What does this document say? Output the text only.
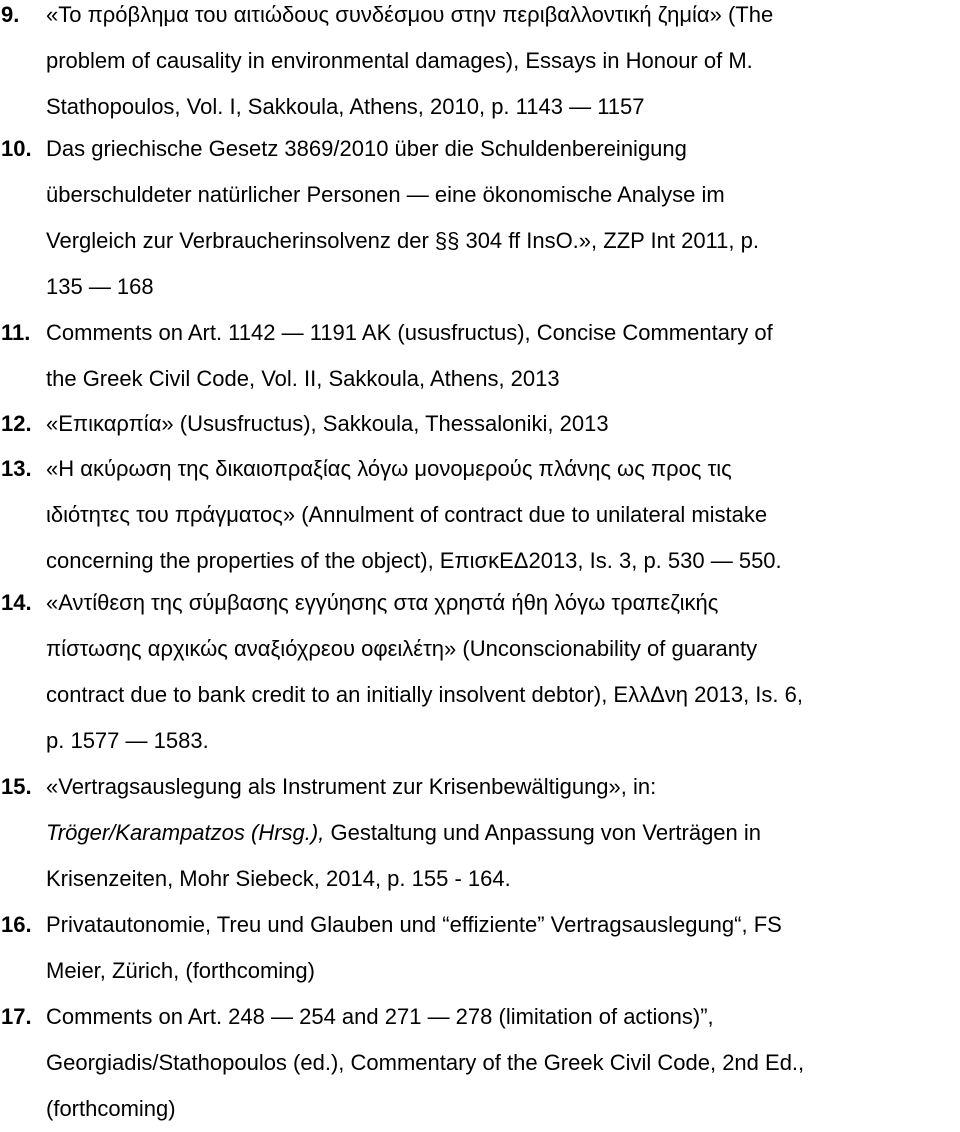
9. «Το πρόβλημα του αιτιώδους συνδέσμου στην περιβαλλοντική ζημία» (The
problem of causality in environmental damages), Essays in Honour of M.
Stathopoulos, Vol. I, Sakkoula, Athens, 2010, p. 1143 — 1157
10. Das griechische Gesetz 3869/2010 über die Schuldenbereinigung
überschuldeter natürlicher Personen — eine ökonomische Analyse im
Vergleich zur Verbraucherinsolvenz der §§ 304 ff InsO.», ZZP Int 2011, p.
135 — 168
11. Comments on Art. 1142 — 1191 AK (ususfructus), Concise Commentary of
the Greek Civil Code, Vol. II, Sakkoula, Athens, 2013
12. «Επικαρπία» (Ususfructus), Sakkoula, Thessaloniki, 2013
13. «Η ακύρωση της δικαιοπραξίας λόγω μονομερούς πλάνης ως προς τις
ιδιότητες του πράγματος» (Annulment of contract due to unilateral mistake
concerning the properties of the object), ΕπισκΕΔ2013, Is. 3, p. 530 — 550.
14. «Αντίθεση της σύμβασης εγγύησης στα χρηστά ήθη λόγω τραπεζικής
πίστωσης αρχικώς αναξιόχρεου οφειλέτη» (Unconscionability of guaranty
contract due to bank credit to an initially insolvent debtor), ΕλλΔνη 2013, Is. 6,
p. 1577 — 1583.
15. «Vertragsauslegung als Instrument zur Krisenbewältigung», in:
Tröger/Karampatzos (Hrsg.), Gestaltung und Anpassung von Verträgen in
Krisenzeiten, Mohr Siebeck, 2014, p. 155 - 164.
16. Privatautonomie, Treu und Glauben und “effiziente” Vertragsauslegung“, FS
Meier, Zürich, (forthcoming)
17. Comments on Art. 248 — 254 and 271 — 278 (limitation of actions)”,
Georgiadis/Stathopoulos (ed.), Commentary of the Greek Civil Code, 2nd Ed.,
(forthcoming)
